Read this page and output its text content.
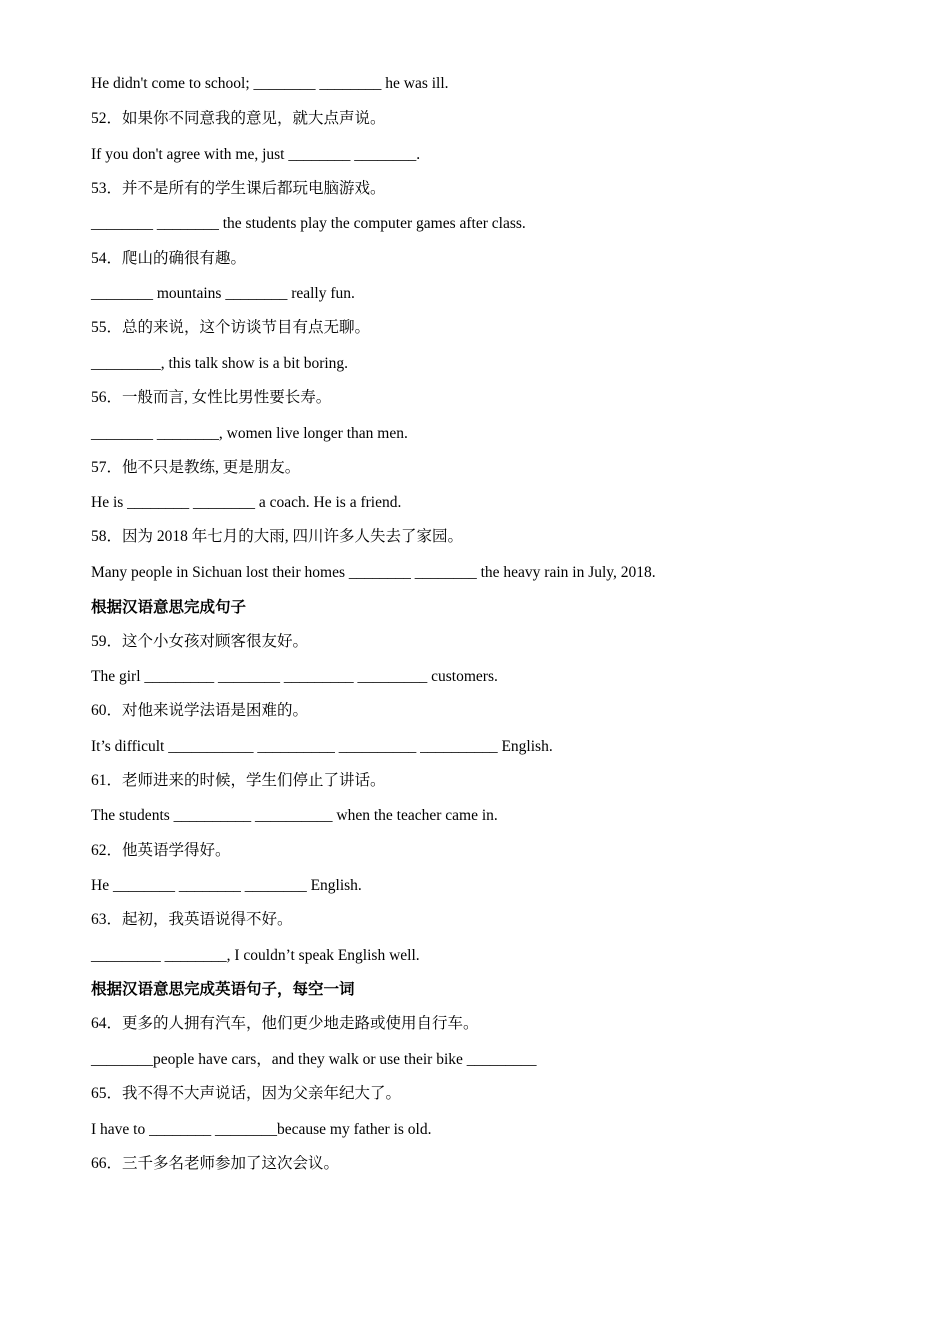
He didn't come to school; ________ ________ he was ill.
52．如果你不同意我的意见，就大点声说。
If you don't agree with me, just ________ ________.
53．并不是所有的学生课后都玩电脑游戏。
________ ________ the students play the computer games after class.
54．爬山的确很有趣。
________ mountains ________ really fun.
55．总的来说，这个访谈节目有点无聊。
_________, this talk show is a bit boring.
56．一般而言, 女性比男性要长寿。
________ ________, women live longer than men.
57．他不只是教练, 更是朋友。
He is ________ ________ a coach. He is a friend.
58．因为 2018 年七月的大雨, 四川许多人失去了家园。
Many people in Sichuan lost their homes ________ ________ the heavy rain in July, 2018.
根据汉语意思完成句子
59．这个小女孩对顾客很友好。
The girl _________ ________ _________ _________ customers.
60．对他来说学法语是困难的。
It’s difficult ___________ __________ __________ __________ English.
61．老师进来的时候，学生们停止了讲话。
The students __________ __________ when the teacher came in.
62．他英语学得好。
He ________ ________ ________ English.
63．起初，我英语说得不好。
_________ ________, I couldn’t speak English well.
根据汉语意思完成英语句子，每空一词
64．更多的人拥有汽车，他们更少地走路或使用自行车。
________people have cars，and they walk or use their bike _________
65．我不得不大声说话，因为父亲年纪大了。
I have to ________ ________because my father is old.
66．三千多名老师参加了这次会议。
